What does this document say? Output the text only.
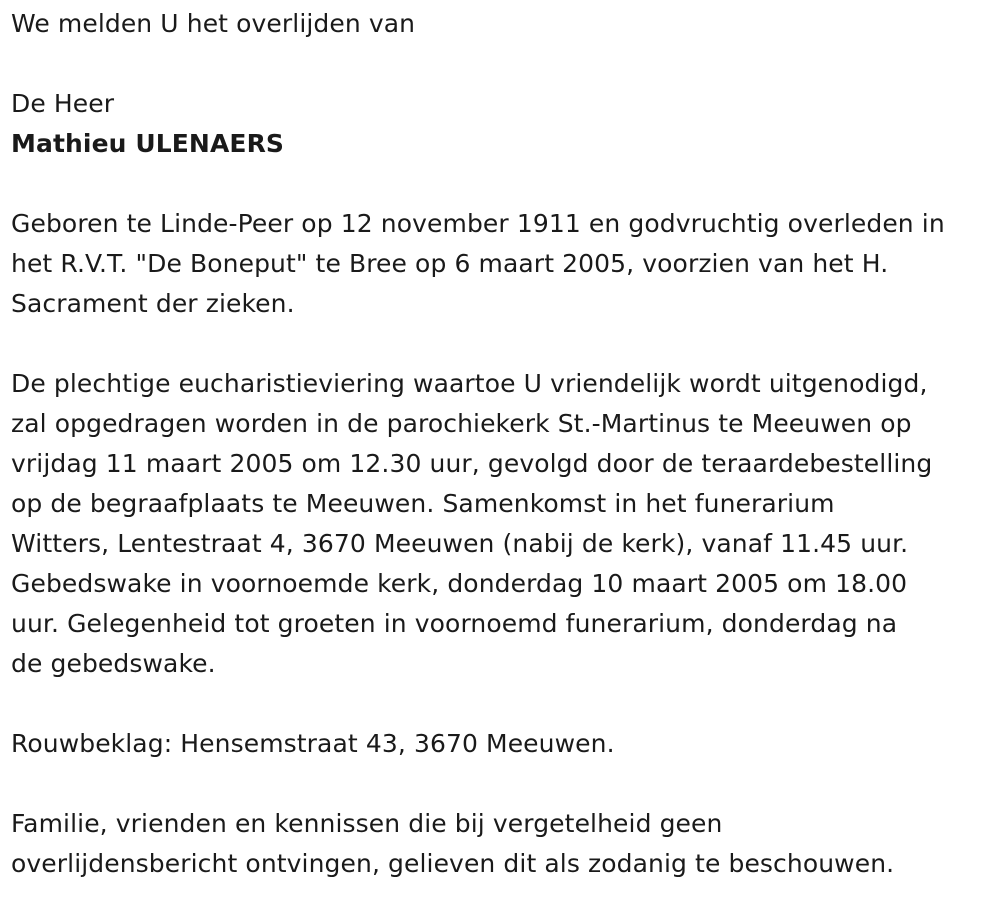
We melden U het overlijden van
De Heer
Mathieu ULENAERS
Geboren te Linde-Peer op 12 november 1911 en godvruchtig overleden in
het R.V.T. "De Boneput" te Bree op 6 maart 2005, voorzien van het H.
Sacrament der zieken.
De plechtige eucharistieviering waartoe U vriendelijk wordt uitgenodigd,
zal opgedragen worden in de parochiekerk St.-Martinus te Meeuwen op
vrijdag 11 maart 2005 om 12.30 uur, gevolgd door de teraardebestelling
op de begraafplaats te Meeuwen. Samenkomst in het funerarium
Witters, Lentestraat 4, 3670 Meeuwen (nabij de kerk), vanaf 11.45 uur.
Gebedswake in voornoemde kerk, donderdag 10 maart 2005 om 18.00
uur. Gelegenheid tot groeten in voornoemd funerarium, donderdag na
de gebedswake.
Rouwbeklag: Hensemstraat 43, 3670 Meeuwen.
Familie, vrienden en kennissen die bij vergetelheid geen
overlijdensbericht ontvingen, gelieven dit als zodanig te beschouwen.
